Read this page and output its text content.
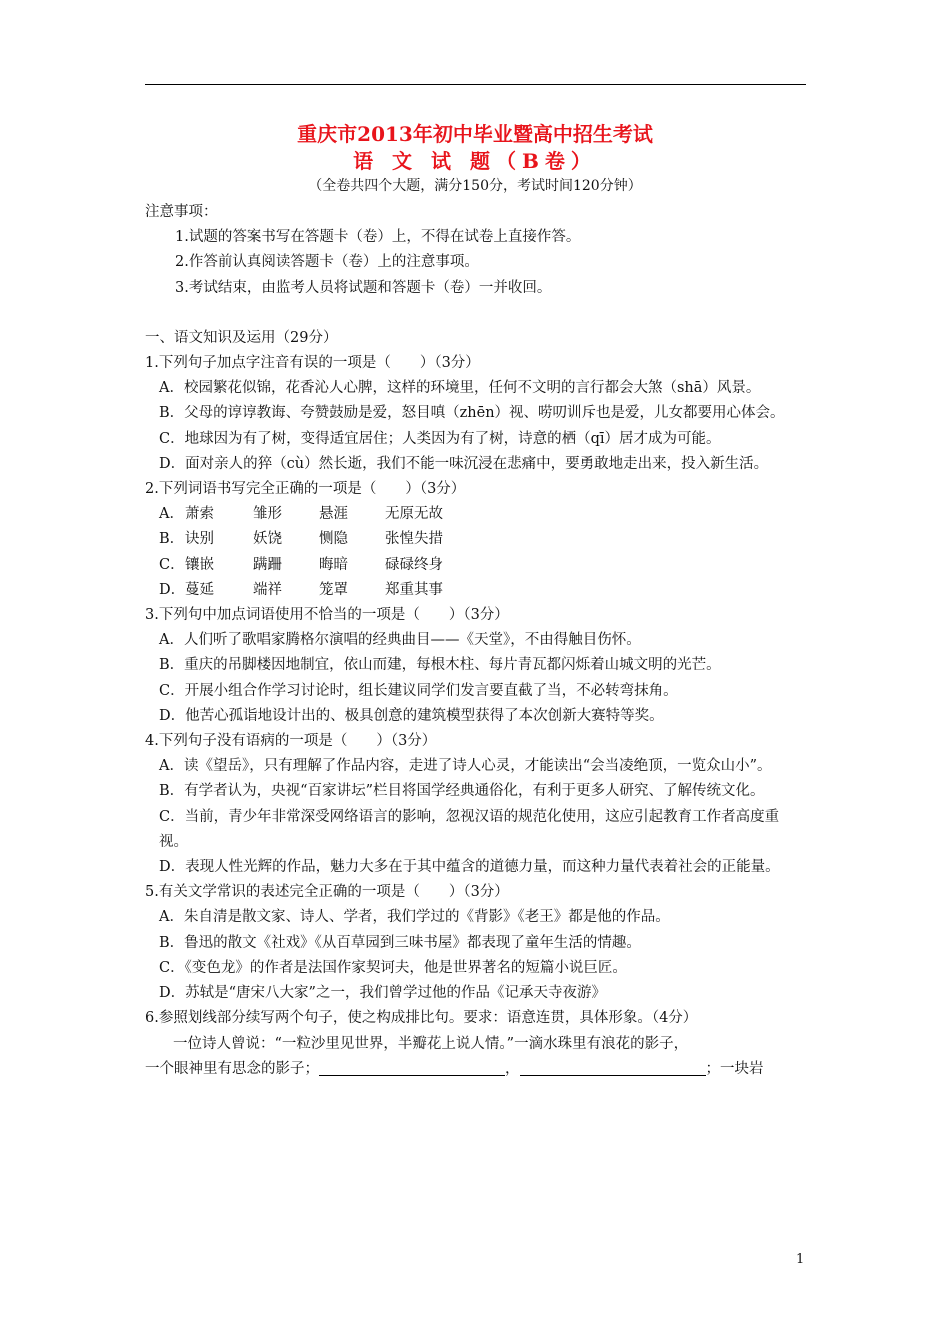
重庆市2013年初中毕业暨高中招生考试
语 文 试 题（B卷）
（全卷共四个大题，满分150分，考试时间120分钟）

注意事项：

1.试题的答案书写在答题卡（卷）上，不得在试卷上直接作答。

2.作答前认真阅读答题卡（卷）上的注意事项。

3.考试结束，由监考人员将试题和答题卡（卷）一并收回。

一、语文知识及运用（29分）

1.下列句子加点字注音有误的一项是（　　）（3分）

A．校园繁花似锦，花香沁人心脾，这样的环境里，任何不文明的言行都会大煞（shā）风景。

B．父母的谆谆教诲、夸赞鼓励是爱，怒目嗔（zhēn）视、唠叨训斥也是爱，儿女都要用心体会。

C．地球因为有了树，变得适宜居住；人类因为有了树，诗意的栖（qī）居才成为可能。

D．面对亲人的猝（cù）然长逝，我们不能一味沉浸在悲痛中，要勇敢地走出来，投入新生活。

2.下列词语书写完全正确的一项是（　　）（3分）

A． 萧索	雏形	悬涯	无原无故
B． 诀别	妖饶	恻隐	张惶失措
C． 镶嵌	蹒跚	晦暗	碌碌终身
D． 蔓延	端祥	笼罩	郑重其事

3.下列句中加点词语使用不恰当的一项是（　　）（3分）

A．人们听了歌唱家腾格尔演唱的经典曲目——《天堂》，不由得触目伤怀。

B．重庆的吊脚楼因地制宜，依山而建，每根木柱、每片青瓦都闪烁着山城文明的光芒。

C．开展小组合作学习讨论时，组长建议同学们发言要直截了当，不必转弯抹角。

D．他苦心孤诣地设计出的、极具创意的建筑模型获得了本次创新大赛特等奖。

4.下列句子没有语病的一项是（　　）（3分）

A．读《望岳》，只有理解了作品内容，走进了诗人心灵，才能读出“会当凌绝顶，一览众山小”。

B．有学者认为，央视“百家讲坛”栏目将国学经典通俗化，有利于更多人研究、了解传统文化。

C．当前，青少年非常深受网络语言的影响，忽视汉语的规范化使用，这应引起教育工作者高度重视。

D．表现人性光辉的作品，魅力大多在于其中蕴含的道德力量，而这种力量代表着社会的正能量。

5.有关文学常识的表述完全正确的一项是（　　）（3分）

A．朱自清是散文家、诗人、学者，我们学过的《背影》《老王》都是他的作品。

B．鲁迅的散文《社戏》《从百草园到三味书屋》都表现了童年生活的情趣。

C．《变色龙》的作者是法国作家契诃夫，他是世界著名的短篇小说巨匠。

D．苏轼是“唐宋八大家”之一，我们曾学过他的作品《记承天寺夜游》

6.参照划线部分续写两个句子，使之构成排比句。要求：语意连贯，具体形象。（4分）

一位诗人曾说：“一粒沙里见世界，半瓣花上说人情。”一滴水珠里有浪花的影子，

一个眼神里有思念的影子；	，	；一块岩

1
